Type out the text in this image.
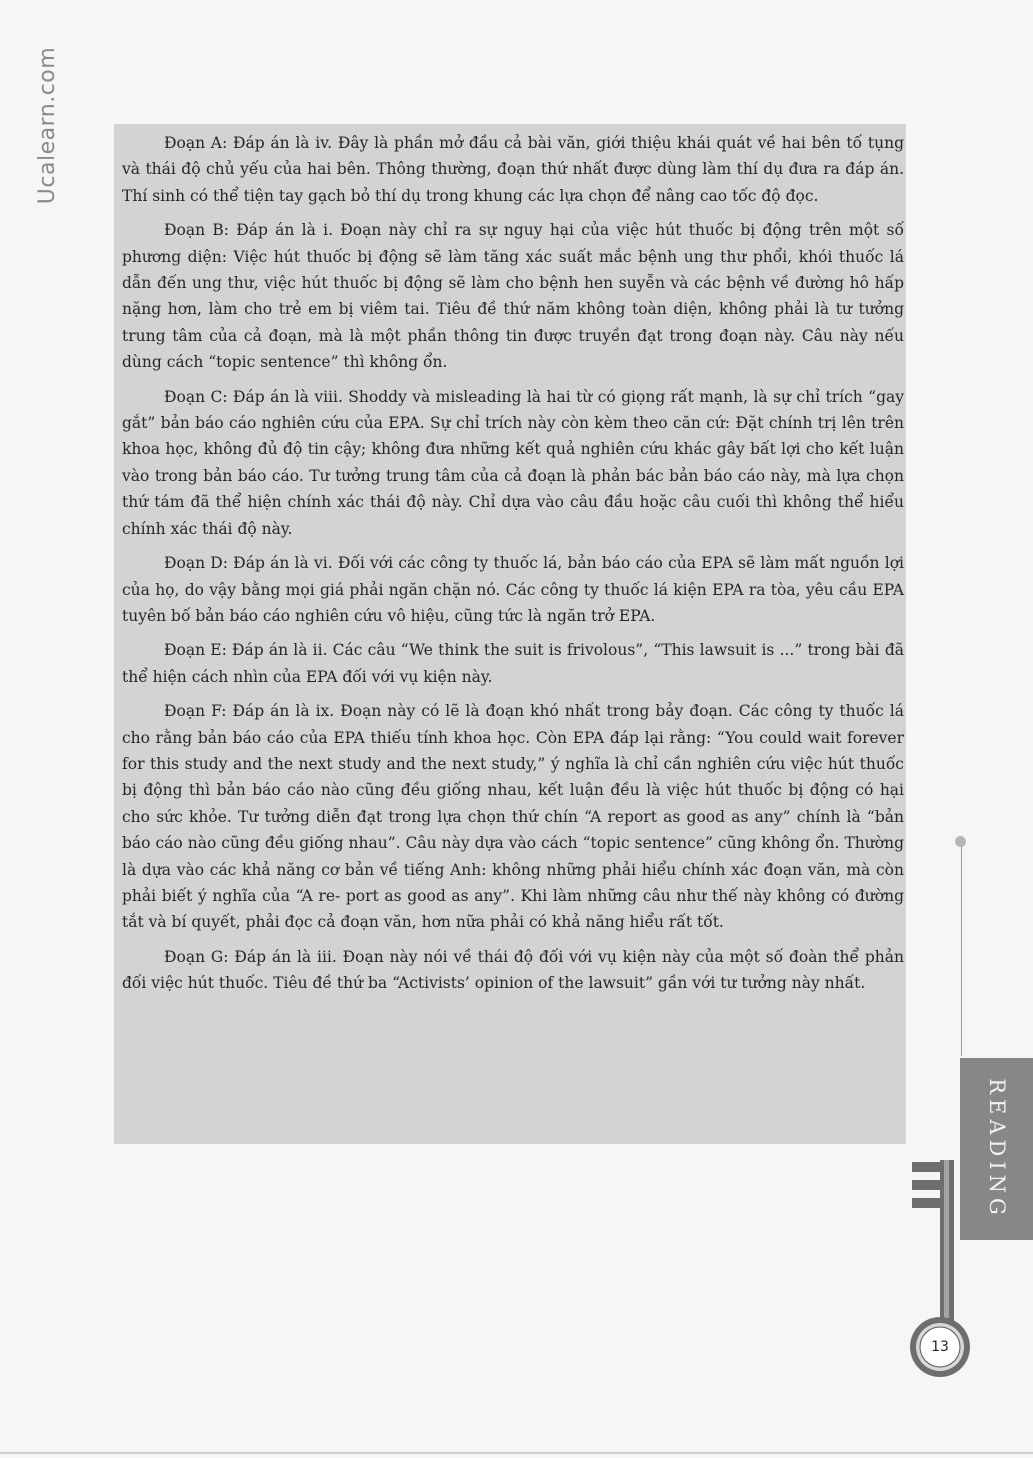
Ucalearn.com	Đoạn A: Đáp án là iv. Đây là phần mở đầu cả bài văn, giới thiệu khái quát về hai bên tố tụng và thái độ chủ yếu của hai bên. Thông thường, đoạn thứ nhất được dùng làm thí dụ đưa ra đáp án. Thí sinh có thể tiện tay gạch bỏ thí dụ trong khung các lựa chọn để nâng cao tốc độ đọc.

Đoạn B: Đáp án là i. Đoạn này chỉ ra sự nguy hại của việc hút thuốc bị động trên một số phương diện: Việc hút thuốc bị động sẽ làm tăng xác suất mắc bệnh ung thư phổi, khói thuốc lá dẫn đến ung thư, việc hút thuốc bị động sẽ làm cho bệnh hen suyễn và các bệnh về đường hô hấp nặng hơn, làm cho trẻ em bị viêm tai. Tiêu đề thứ năm không toàn diện, không phải là tư tưởng trung tâm của cả đoạn, mà là một phần thông tin được truyền đạt trong đoạn này. Câu này nếu dùng cách “topic sentence” thì không ổn.

Đoạn C: Đáp án là viii. Shoddy và misleading là hai từ có giọng rất mạnh, là sự chỉ trích “gay gắt” bản báo cáo nghiên cứu của EPA. Sự chỉ trích này còn kèm theo căn cứ: Đặt chính trị lên trên khoa học, không đủ độ tin cậy; không đưa những kết quả nghiên cứu khác gây bất lợi cho kết luận vào trong bản báo cáo. Tư tưởng trung tâm của cả đoạn là phản bác bản báo cáo này, mà lựa chọn thứ tám đã thể hiện chính xác thái độ này. Chỉ dựa vào câu đầu hoặc câu cuối thì không thể hiểu chính xác thái độ này.

Đoạn D: Đáp án là vi. Đối với các công ty thuốc lá, bản báo cáo của EPA sẽ làm mất nguồn lợi của họ, do vậy bằng mọi giá phải ngăn chặn nó. Các công ty thuốc lá kiện EPA ra tòa, yêu cầu EPA tuyên bố bản báo cáo nghiên cứu vô hiệu, cũng tức là ngăn trở EPA.

Đoạn E: Đáp án là ii. Các câu “We think the suit is frivolous”, “This lawsuit is ...” trong bài đã thể hiện cách nhìn của EPA đối với vụ kiện này.

Đoạn F: Đáp án là ix. Đoạn này có lẽ là đoạn khó nhất trong bảy đoạn. Các công ty thuốc lá cho rằng bản báo cáo của EPA thiếu tính khoa học. Còn EPA đáp lại rằng: “You could wait forever for this study and the next study and the next study,” ý nghĩa là chỉ cần nghiên cứu việc hút thuốc bị động thì bản báo cáo nào cũng đều giống nhau, kết luận đều là việc hút thuốc bị động có hại cho sức khỏe. Tư tưởng diễn đạt trong lựa chọn thứ chín “A report as good as any” chính là “bản báo cáo nào cũng đều giống nhau”. Câu này dựa vào cách “topic sentence” cũng không ổn. Thường là dựa vào các khả năng cơ bản về tiếng Anh: không những phải hiểu chính xác đoạn văn, mà còn phải biết ý nghĩa của “A re- port as good as any”. Khi làm những câu như thế này không có đường tắt và bí quyết, phải đọc cả đoạn văn, hơn nữa phải có khả năng hiểu rất tốt.

Đoạn G: Đáp án là iii. Đoạn này nói về thái độ đối với vụ kiện này của một số đoàn thể phản đối việc hút thuốc. Tiêu đề thứ ba “Activists’ opinion of the lawsuit” gần với tư tưởng này nhất.

READING
13
